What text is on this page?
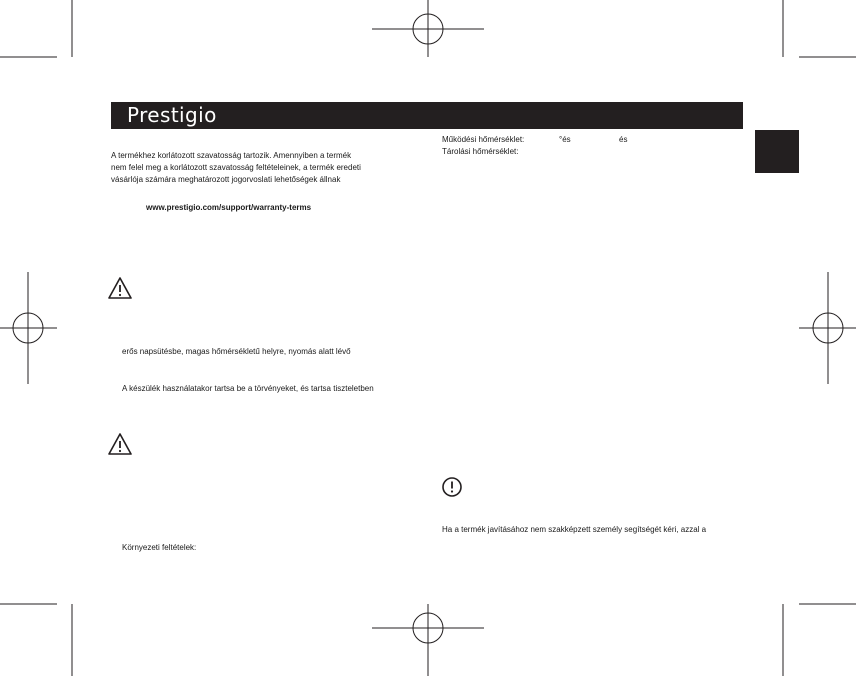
Prestigio
A termékhez korlátozott szavatosság tartozik. Amennyiben a termék
nem felel meg a korlátozott szavatosság feltételeinek, a termék eredeti
vásárlója számára meghatározott jogorvoslati lehetőségek állnak
www.prestigio.com/support/warranty-terms
erős napsütésbe, magas hőmérsékletű helyre, nyomás alatt lévő
A készülék használatakor tartsa be a törvényeket, és tartsa tiszteletben
Környezeti feltételek:
Működési hőmérséklet:	°és	és
Tárolási hőmérséklet:
Ha a termék javításához nem szakképzett személy segítségét kéri, azzal a
